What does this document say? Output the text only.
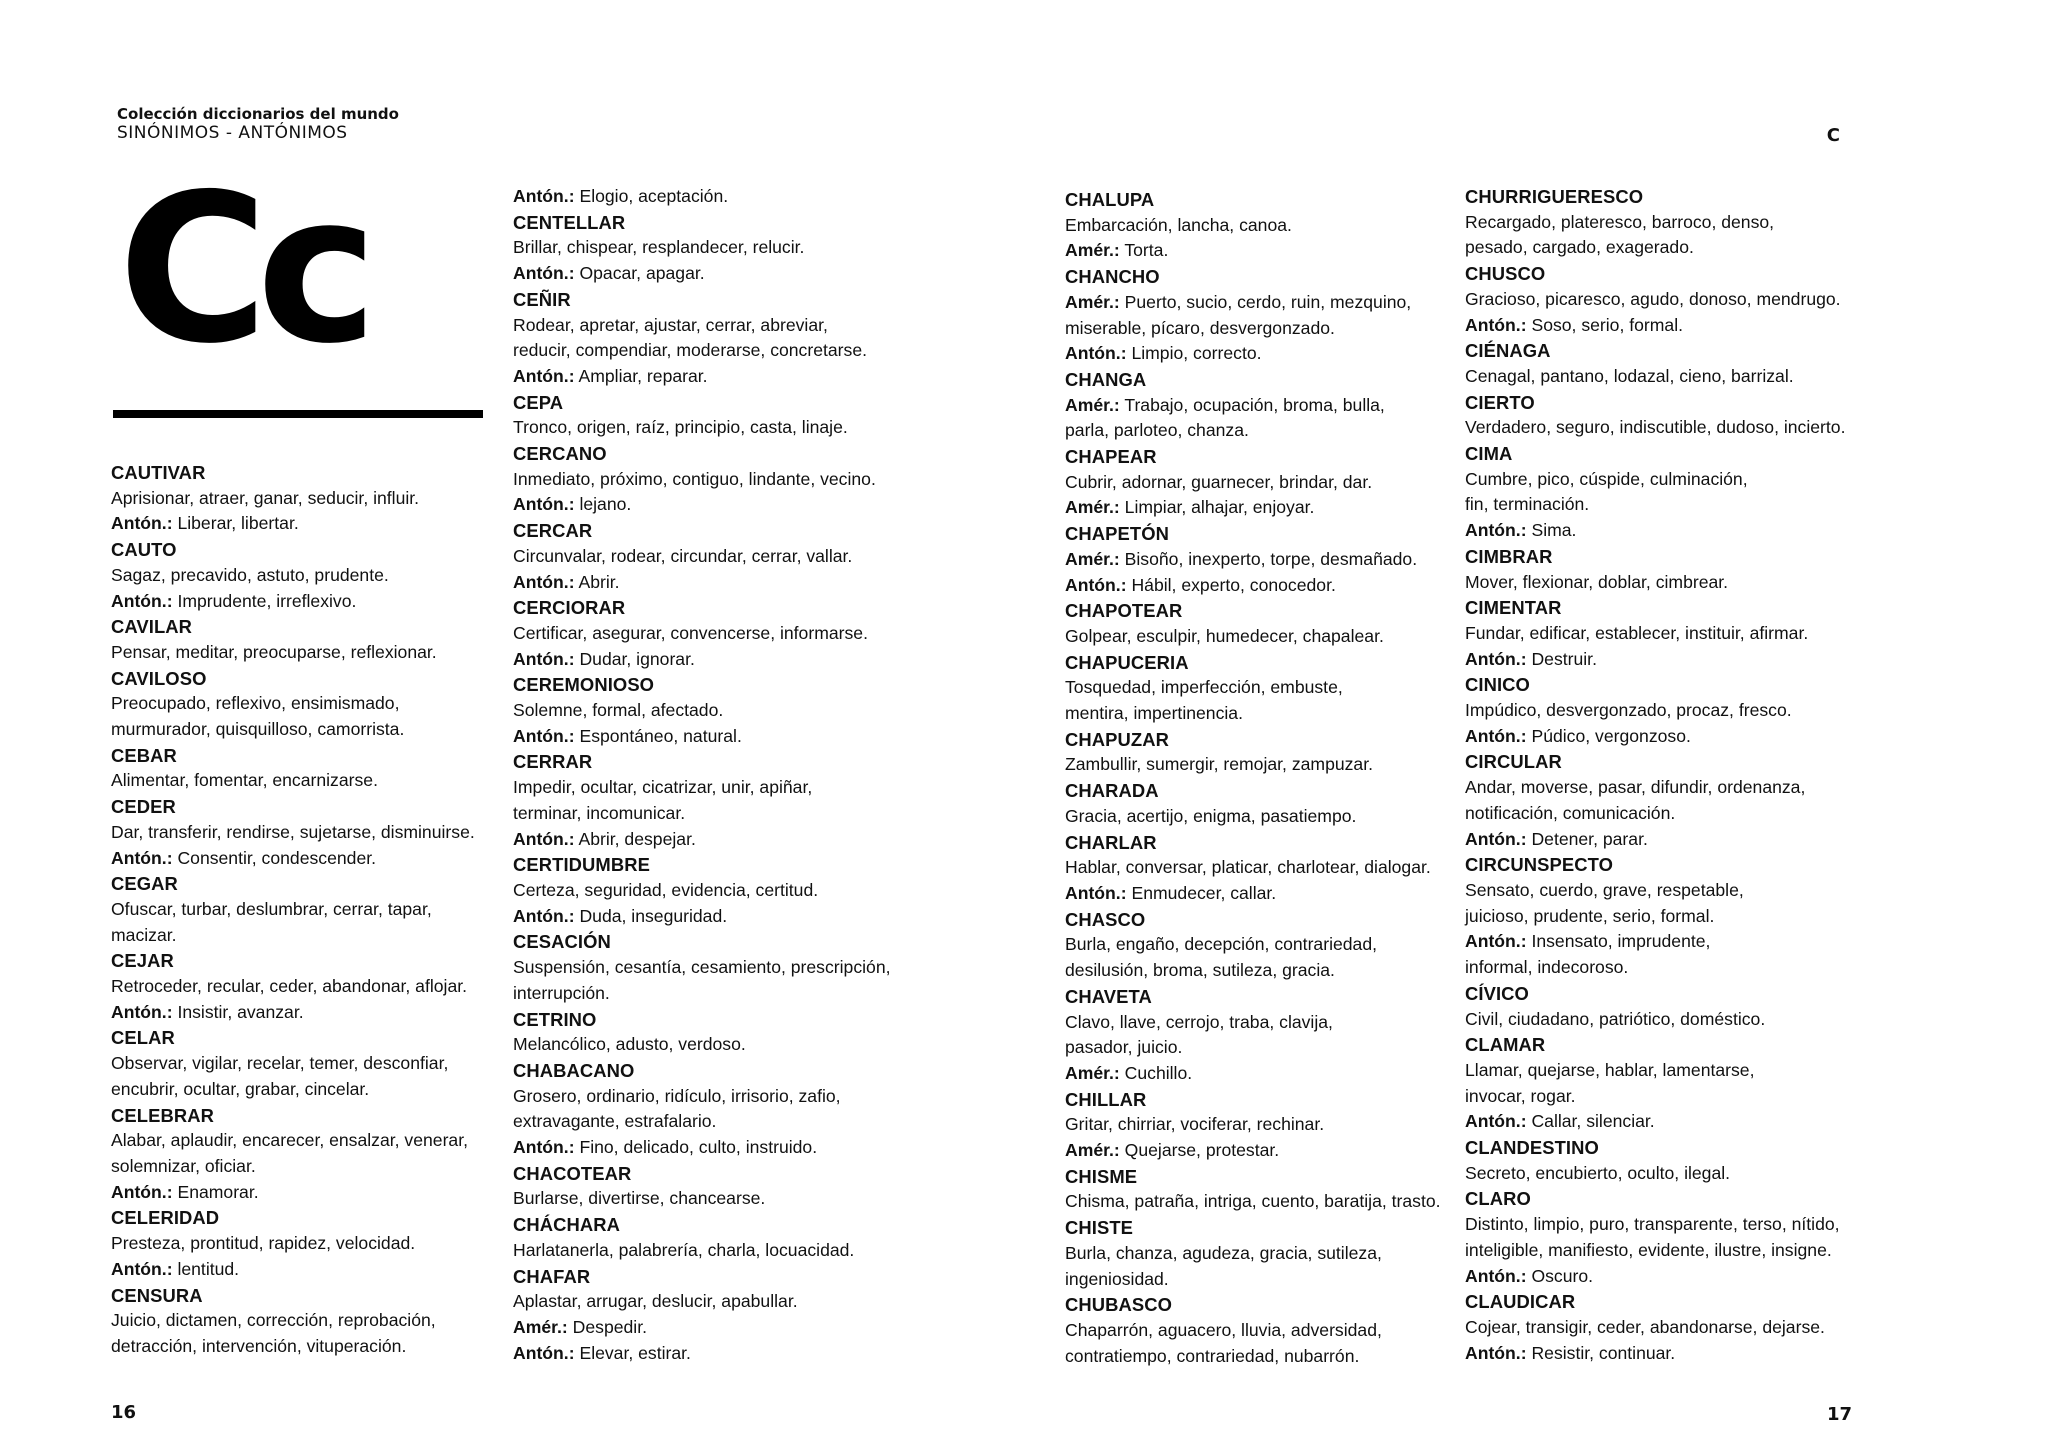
Colección diccionarios del mundo
SINÓNIMOS - ANTÓNIMOS	C
Cc
CAUTIVAR
Aprisionar, atraer, ganar, seducir, influir.
Antón.: Liberar, libertar.
CAUTO
Sagaz, precavido, astuto, prudente.
Antón.: Imprudente, irreflexivo.
CAVILAR
Pensar, meditar, preocuparse, reflexionar.
CAVILOSO
Preocupado, reflexivo, ensimismado,
murmurador, quisquilloso, camorrista.
CEBAR
Alimentar, fomentar, encarnizarse.
CEDER
Dar, transferir, rendirse, sujetarse, disminuirse.
Antón.: Consentir, condescender.
CEGAR
Ofuscar, turbar, deslumbrar, cerrar, tapar,
macizar.
CEJAR
Retroceder, recular, ceder, abandonar, aflojar.
Antón.: Insistir, avanzar.
CELAR
Observar, vigilar, recelar, temer, desconfiar,
encubrir, ocultar, grabar, cincelar.
CELEBRAR
Alabar, aplaudir, encarecer, ensalzar, venerar,
solemnizar, oficiar.
Antón.: Enamorar.
CELERIDAD
Presteza, prontitud, rapidez, velocidad.
Antón.: lentitud.
CENSURA
Juicio, dictamen, corrección, reprobación,
detracción, intervención, vituperación.
Antón.: Elogio, aceptación.
CENTELLAR
Brillar, chispear, resplandecer, relucir.
Antón.: Opacar, apagar.
CEÑIR
Rodear, apretar, ajustar, cerrar, abreviar,
reducir, compendiar, moderarse, concretarse.
Antón.: Ampliar, reparar.
CEPA
Tronco, origen, raíz, principio, casta, linaje.
CERCANO
Inmediato, próximo, contiguo, lindante, vecino.
Antón.: lejano.
CERCAR
Circunvalar, rodear, circundar, cerrar, vallar.
Antón.: Abrir.
CERCIORAR
Certificar, asegurar, convencerse, informarse.
Antón.: Dudar, ignorar.
CEREMONIOSO
Solemne, formal, afectado.
Antón.: Espontáneo, natural.
CERRAR
Impedir, ocultar, cicatrizar, unir, apiñar,
terminar, incomunicar.
Antón.: Abrir, despejar.
CERTIDUMBRE
Certeza, seguridad, evidencia, certitud.
Antón.: Duda, inseguridad.
CESACIÓN
Suspensión, cesantía, cesamiento, prescripción,
interrupción.
CETRINO
Melancólico, adusto, verdoso.
CHABACANO
Grosero, ordinario, ridículo, irrisorio, zafio,
extravagante, estrafalario.
Antón.: Fino, delicado, culto, instruido.
CHACOTEAR
Burlarse, divertirse, chancearse.
CHÁCHARA
Harlatanerla, palabrería, charla, locuacidad.
CHAFAR
Aplastar, arrugar, deslucir, apabullar.
Amér.: Despedir.
Antón.: Elevar, estirar.
CHALUPA
Embarcación, lancha, canoa.
Amér.: Torta.
CHANCHO
Amér.: Puerto, sucio, cerdo, ruin, mezquino,
miserable, pícaro, desvergonzado.
Antón.: Limpio, correcto.
CHANGA
Amér.: Trabajo, ocupación, broma, bulla,
parla, parloteo, chanza.
CHAPEAR
Cubrir, adornar, guarnecer, brindar, dar.
Amér.: Limpiar, alhajar, enjoyar.
CHAPETÓN
Amér.: Bisoño, inexperto, torpe, desmañado.
Antón.: Hábil, experto, conocedor.
CHAPOTEAR
Golpear, esculpir, humedecer, chapalear.
CHAPUCERIA
Tosquedad, imperfección, embuste,
mentira, impertinencia.
CHAPUZAR
Zambullir, sumergir, remojar, zampuzar.
CHARADA
Gracia, acertijo, enigma, pasatiempo.
CHARLAR
Hablar, conversar, platicar, charlotear, dialogar.
Antón.: Enmudecer, callar.
CHASCO
Burla, engaño, decepción, contrariedad,
desilusión, broma, sutileza, gracia.
CHAVETA
Clavo, llave, cerrojo, traba, clavija,
pasador, juicio.
Amér.: Cuchillo.
CHILLAR
Gritar, chirriar, vociferar, rechinar.
Amér.: Quejarse, protestar.
CHISME
Chisma, patraña, intriga, cuento, baratija, trasto.
CHISTE
Burla, chanza, agudeza, gracia, sutileza,
ingeniosidad.
CHUBASCO
Chaparrón, aguacero, lluvia, adversidad,
contratiempo, contrariedad, nubarrón.
CHURRIGUERESCO
Recargado, plateresco, barroco, denso,
pesado, cargado, exagerado.
CHUSCO
Gracioso, picaresco, agudo, donoso, mendrugo.
Antón.: Soso, serio, formal.
CIÉNAGA
Cenagal, pantano, lodazal, cieno, barrizal.
CIERTO
Verdadero, seguro, indiscutible, dudoso, incierto.
CIMA
Cumbre, pico, cúspide, culminación,
fin, terminación.
Antón.: Sima.
CIMBRAR
Mover, flexionar, doblar, cimbrear.
CIMENTAR
Fundar, edificar, establecer, instituir, afirmar.
Antón.: Destruir.
CINICO
Impúdico, desvergonzado, procaz, fresco.
Antón.: Púdico, vergonzoso.
CIRCULAR
Andar, moverse, pasar, difundir, ordenanza,
notificación, comunicación.
Antón.: Detener, parar.
CIRCUNSPECTO
Sensato, cuerdo, grave, respetable,
juicioso, prudente, serio, formal.
Antón.: Insensato, imprudente,
informal, indecoroso.
CÍVICO
Civil, ciudadano, patriótico, doméstico.
CLAMAR
Llamar, quejarse, hablar, lamentarse,
invocar, rogar.
Antón.: Callar, silenciar.
CLANDESTINO
Secreto, encubierto, oculto, ilegal.
CLARO
Distinto, limpio, puro, transparente, terso, nítido,
inteligible, manifiesto, evidente, ilustre, insigne.
Antón.: Oscuro.
CLAUDICAR
Cojear, transigir, ceder, abandonarse, dejarse.
Antón.: Resistir, continuar.
16	17
